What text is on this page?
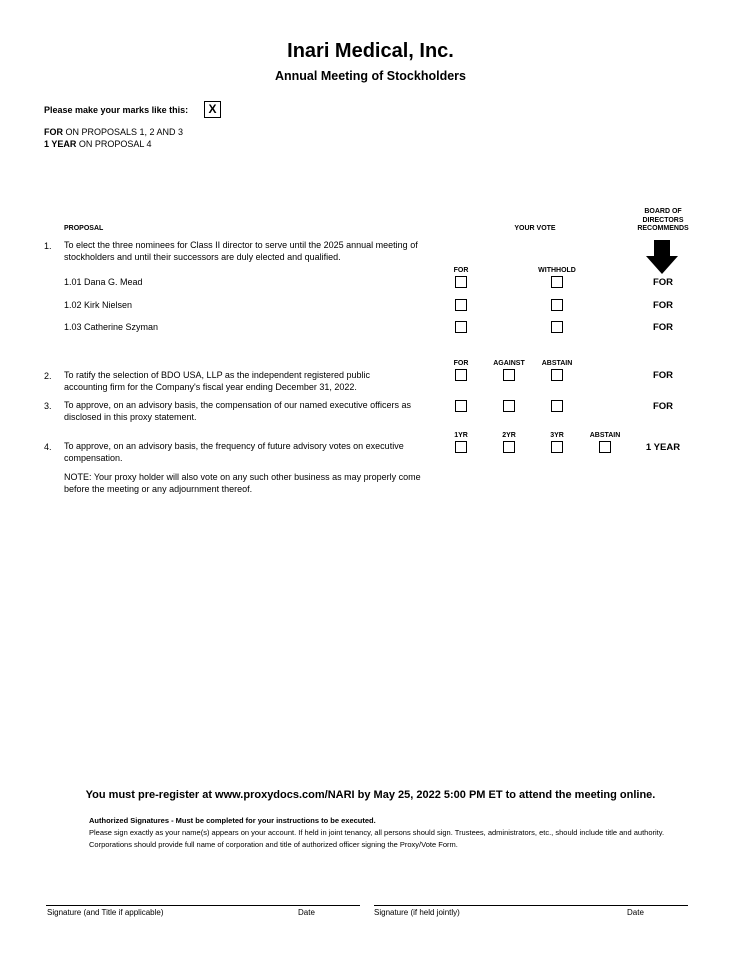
Inari Medical, Inc.
Annual Meeting of Stockholders
Please make your marks like this:	X
FOR ON PROPOSALS 1, 2 AND 3
1 YEAR ON PROPOSAL 4
PROPOSAL	YOUR VOTE
BOARD OF DIRECTORS RECOMMENDS
1. To elect the three nominees for Class II director to serve until the 2025 annual meeting of stockholders and until their successors are duly elected and qualified.
FOR	WITHHOLD
1.01 Dana G. Mead	FOR
1.02 Kirk Nielsen	FOR
1.03 Catherine Szyman	FOR
FOR	AGAINST	ABSTAIN
2. To ratify the selection of BDO USA, LLP as the independent registered public accounting firm for the Company's fiscal year ending December 31, 2022.
FOR
3. To approve, on an advisory basis, the compensation of our named executive officers as disclosed in this proxy statement.
FOR
1YR	2YR	3YR	ABSTAIN
4. To approve, on an advisory basis, the frequency of future advisory votes on executive compensation.
1 YEAR
NOTE: Your proxy holder will also vote on any such other business as may properly come before the meeting or any adjournment thereof.
You must pre-register at www.proxydocs.com/NARI by May 25, 2022 5:00 PM ET to attend the meeting online.
Authorized Signatures - Must be completed for your instructions to be executed.
Please sign exactly as your name(s) appears on your account. If held in joint tenancy, all persons should sign. Trustees, administrators, etc., should include title and authority. Corporations should provide full name of corporation and title of authorized officer signing the Proxy/Vote Form.
Signature (and Title if applicable)	Date	Signature (if held jointly)	Date
